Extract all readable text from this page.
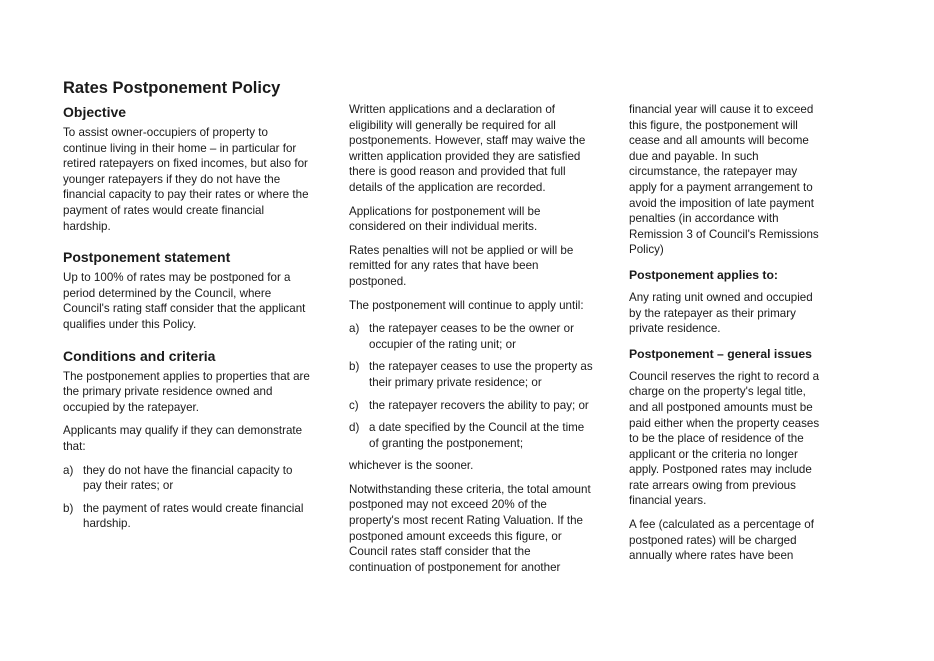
Rates Postponement Policy
Objective

To assist owner-occupiers of property to continue living in their home – in particular for retired ratepayers on fixed incomes, but also for younger ratepayers if they do not have the financial capacity to pay their rates or where the payment of rates would create financial hardship.

Postponement statement

Up to 100% of rates may be postponed for a period determined by the Council, where Council's rating staff consider that the applicant qualifies under this Policy.

Conditions and criteria

The postponement applies to properties that are the primary private residence owned and occupied by the ratepayer.

Applicants may qualify if they can demonstrate that:

a) they do not have the financial capacity to pay their rates; or
b) the payment of rates would create financial hardship.

Written applications and a declaration of eligibility will generally be required for all postponements. However, staff may waive the written application provided they are satisfied there is good reason and provided that full details of the application are recorded.

Applications for postponement will be considered on their individual merits.

Rates penalties will not be applied or will be remitted for any rates that have been postponed.

The postponement will continue to apply until:

a) the ratepayer ceases to be the owner or occupier of the rating unit; or
b) the ratepayer ceases to use the property as their primary private residence; or
c) the ratepayer recovers the ability to pay; or
d) a date specified by the Council at the time of granting the postponement;

whichever is the sooner.

Notwithstanding these criteria, the total amount postponed may not exceed 20% of the property's most recent Rating Valuation. If the postponed amount exceeds this figure, or Council rates staff consider that the continuation of postponement for another

financial year will cause it to exceed this figure, the postponement will cease and all amounts will become due and payable. In such circumstance, the ratepayer may apply for a payment arrangement to avoid the imposition of late payment penalties (in accordance with Remission 3 of Council's Remissions Policy)

Postponement applies to:

Any rating unit owned and occupied by the ratepayer as their primary private residence.

Postponement – general issues

Council reserves the right to record a charge on the property's legal title, and all postponed amounts must be paid either when the property ceases to be the place of residence of the applicant or the criteria no longer apply. Postponed rates may include rate arrears owing from previous financial years.

A fee (calculated as a percentage of postponed rates) will be charged annually where rates have been
